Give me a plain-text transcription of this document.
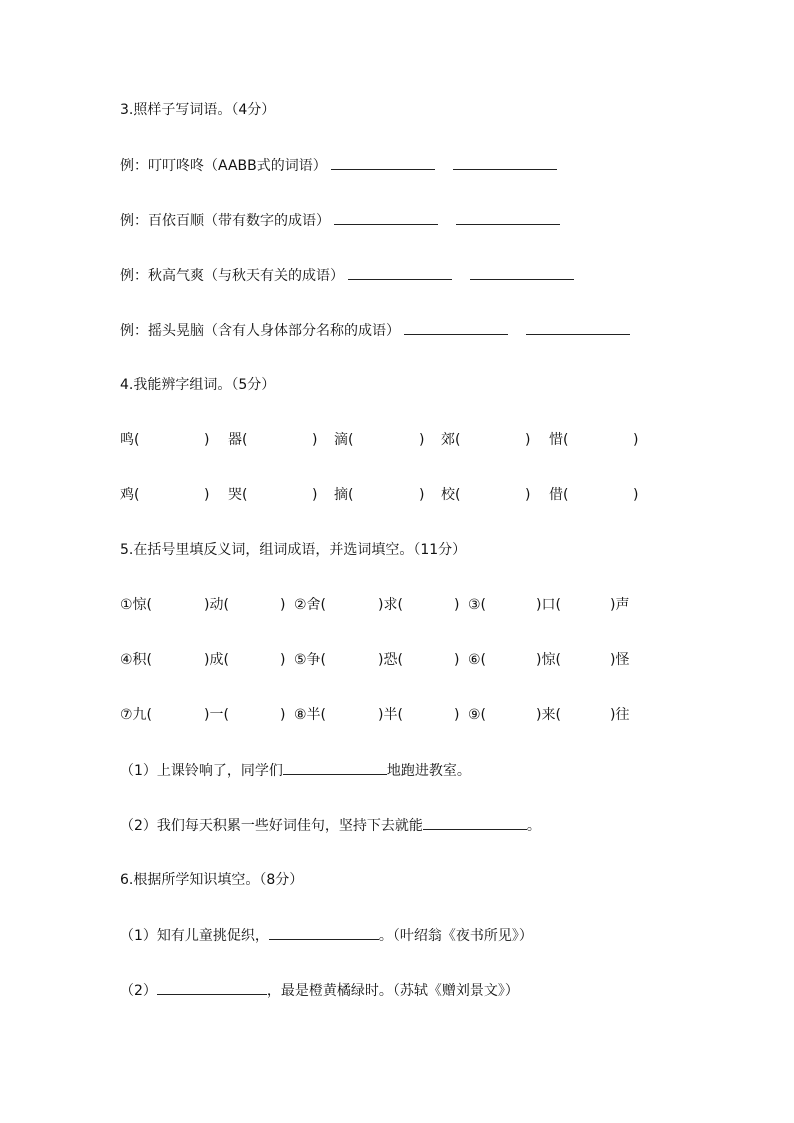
3.照样子写词语。（4分）
例：叮叮咚咚（AABB式的词语）
例：百依百顺（带有数字的成语）
例：秋高气爽（与秋天有关的成语）
例：摇头晃脑（含有人身体部分名称的成语）
4.我能辨字组词。（5分）
鸣(	) 器(	) 滴(	) 郊(	) 惜(	)
鸡(	) 哭(	) 摘(	) 校(	) 借(	)
5.在括号里填反义词，组词成语，并选词填空。（11分）
①惊(	)动(	) ②舍(	)求(	) ③(	)口(	)声
④积(	)成(	) ⑤争(	)恐(	) ⑥(	)惊(	)怪
⑦九(	)一(	) ⑧半(	)半(	) ⑨(	)来(	)往
（1）上课铃响了，同学们	地跑进教室。
（2）我们每天积累一些好词佳句，坚持下去就能	。
6.根据所学知识填空。（8分）
（1）知有儿童挑促织，	。（叶绍翁《夜书所见》）
（2）	，最是橙黄橘绿时。（苏轼《赠刘景文》）
